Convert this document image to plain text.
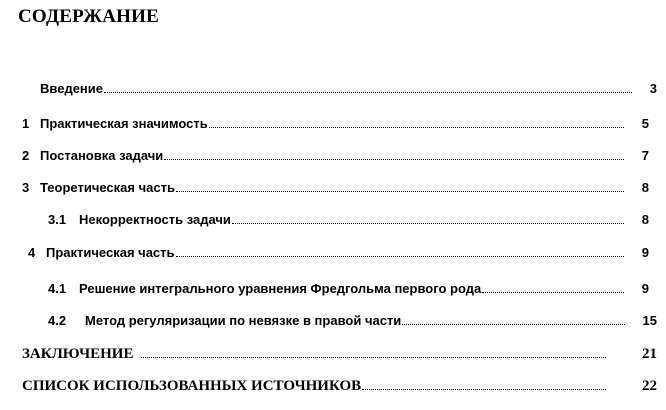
СОДЕРЖАНИЕ
Введение	3
1 Практическая значимость	5
2 Постановка задачи	7
3 Теоретическая часть	8
3.1 Некорректность задачи	8
4 Практическая часть	9
4.1 Решение интегрального уравнения Фредгольма первого рода	9
4.2	Метод регуляризации по невязке в правой части	15
ЗАКЛЮЧЕНИЕ	21
СПИСОК ИСПОЛЬЗОВАННЫХ ИСТОЧНИКОВ	22
